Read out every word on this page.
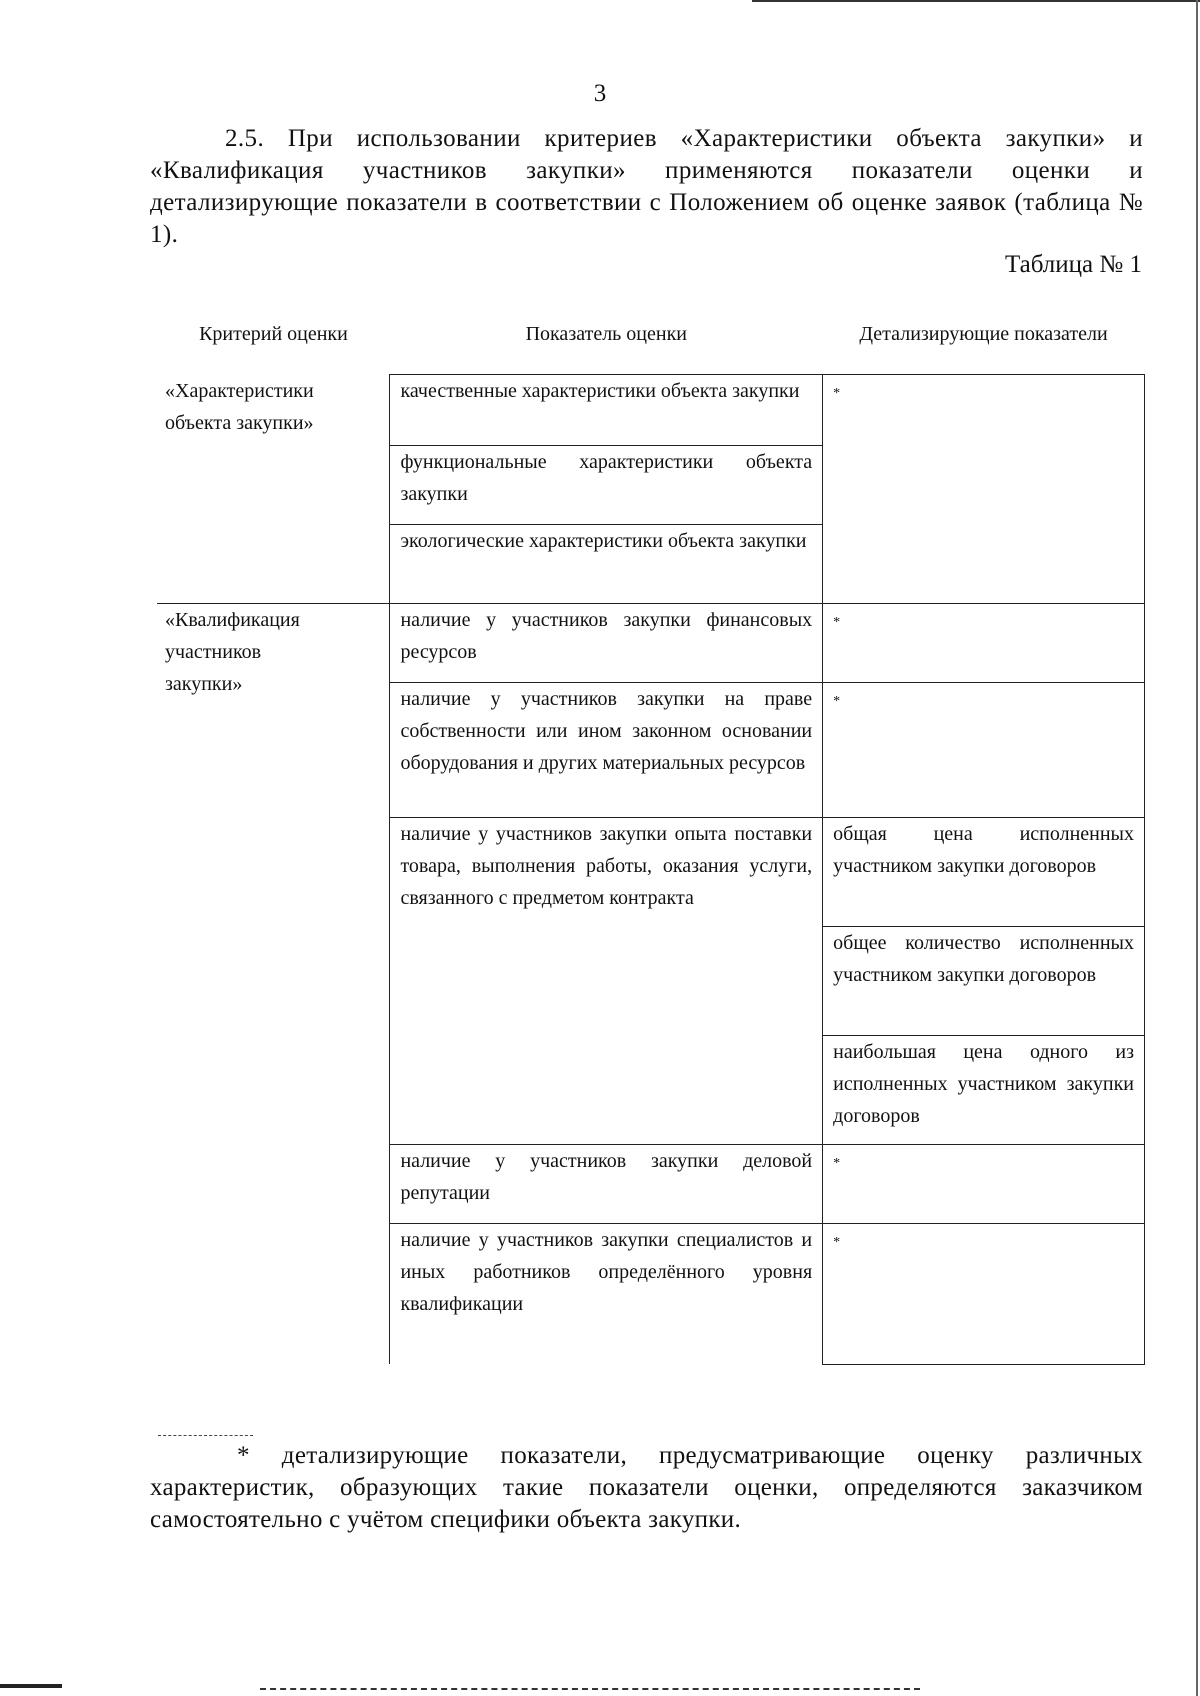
3

2.5. При использовании критериев «Характеристики объекта закупки» и «Квалификация участников закупки» применяются показатели оценки и детализирующие показатели в соответствии с Положением об оценке заявок (таблица № 1).

Таблица № 1
Критерий оценки	Показатель оценки	Детализирующие показатели
«Характеристики объекта закупки»	качественные характеристики объекта закупки	*
	функциональные характеристики объекта закупки	
	экологические характеристики объекта закупки	

«Квалификация участников закупки»	наличие у участников закупки финансовых ресурсов	*
	наличие у участников закупки на праве собственности или ином законном основании оборудования и других материальных ресурсов	*
	наличие у участников закупки опыта поставки товара, выполнения работы, оказания услуги, связанного с предметом контракта	общая цена исполненных участником закупки договоров
		общее количество исполненных участником закупки договоров
		наибольшая цена одного из исполненных участником закупки договоров
	наличие у участников закупки деловой репутации	*
	наличие у участников закупки специалистов и иных работников определённого уровня квалификации	*

* детализирующие показатели, предусматривающие оценку различных характеристик, образующих такие показатели оценки, определяются заказчиком самостоятельно с учётом специфики объекта закупки.
